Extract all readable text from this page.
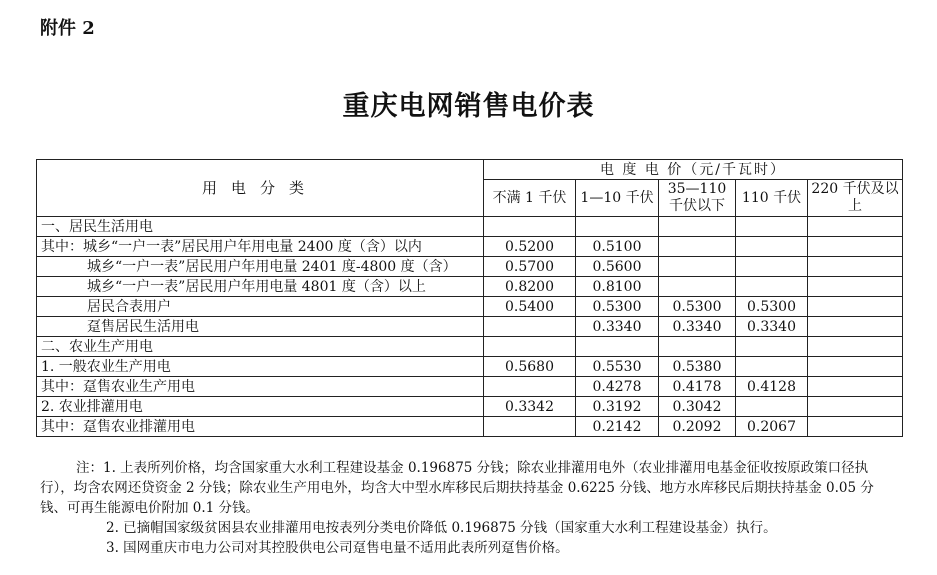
附件 2
重庆电网销售电价表
用电分类	电 度 电 价（元/千瓦时）				
	不满 1 千伏	1—10 千伏	35—110 千伏以下	110 千伏	220 千伏及以上
一、居民生活用电					
其中：城乡“一户一表”居民用户年用电量 2400 度（含）以内	0.5200	0.5100			
城乡“一户一表”居民用户年用电量 2401 度-4800 度（含）	0.5700	0.5600			
城乡“一户一表”居民用户年用电量 4801 度（含）以上	0.8200	0.8100			
居民合表用户	0.5400	0.5300	0.5300	0.5300	
趸售居民生活用电		0.3340	0.3340	0.3340	
二、农业生产用电					
1. 一般农业生产用电	0.5680	0.5530	0.5380		
其中：趸售农业生产用电		0.4278	0.4178	0.4128	
2. 农业排灌用电	0.3342	0.3192	0.3042		
其中：趸售农业排灌用电		0.2142	0.2092	0.2067	

注：1. 上表所列价格，均含国家重大水利工程建设基金 0.196875 分钱；除农业排灌用电外（农业排灌用电基金征收按原政策口径执行），均含农网还贷资金 2 分钱；除农业生产用电外，均含大中型水库移民后期扶持基金 0.6225 分钱、地方水库移民后期扶持基金 0.05 分钱、可再生能源电价附加 0.1 分钱。

2. 已摘帽国家级贫困县农业排灌用电按表列分类电价降低 0.196875 分钱（国家重大水利工程建设基金）执行。

3. 国网重庆市电力公司对其控股供电公司趸售电量不适用此表所列趸售价格。
